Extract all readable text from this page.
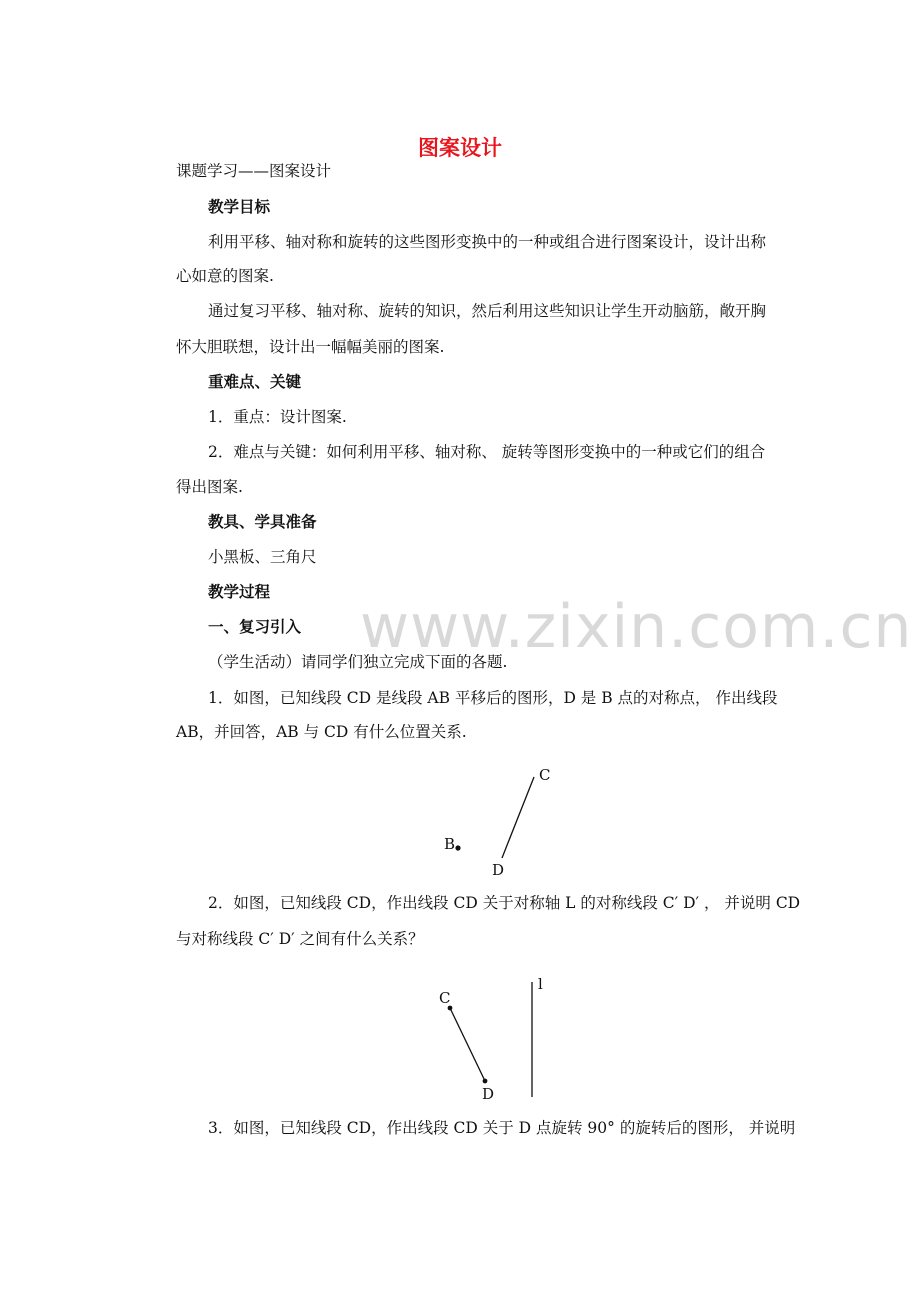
www.zixin.com.cn
图案设计
课题学习——图案设计
教学目标
利用平移、轴对称和旋转的这些图形变换中的一种或组合进行图案设计，设计出称
心如意的图案.
通过复习平移、轴对称、旋转的知识，然后利用这些知识让学生开动脑筋，敞开胸
怀大胆联想，设计出一幅幅美丽的图案.
重难点、关键
1．重点：设计图案.
2．难点与关键：如何利用平移、轴对称、 旋转等图形变换中的一种或它们的组合
得出图案.
教具、学具准备
小黑板、三角尺
教学过程
一、复习引入
（学生活动）请同学们独立完成下面的各题.
1．如图，已知线段 CD 是线段 AB 平移后的图形，D 是 B 点的对称点， 作出线段
AB，并回答，AB 与 CD 有什么位置关系.
C
B
D
2．如图，已知线段 CD，作出线段 CD 关于对称轴 L 的对称线段 C′ D′ ， 并说明 CD
与对称线段 C′ D′ 之间有什么关系？
C
D
l
3．如图，已知线段 CD，作出线段 CD 关于 D 点旋转 90° 的旋转后的图形， 并说明
